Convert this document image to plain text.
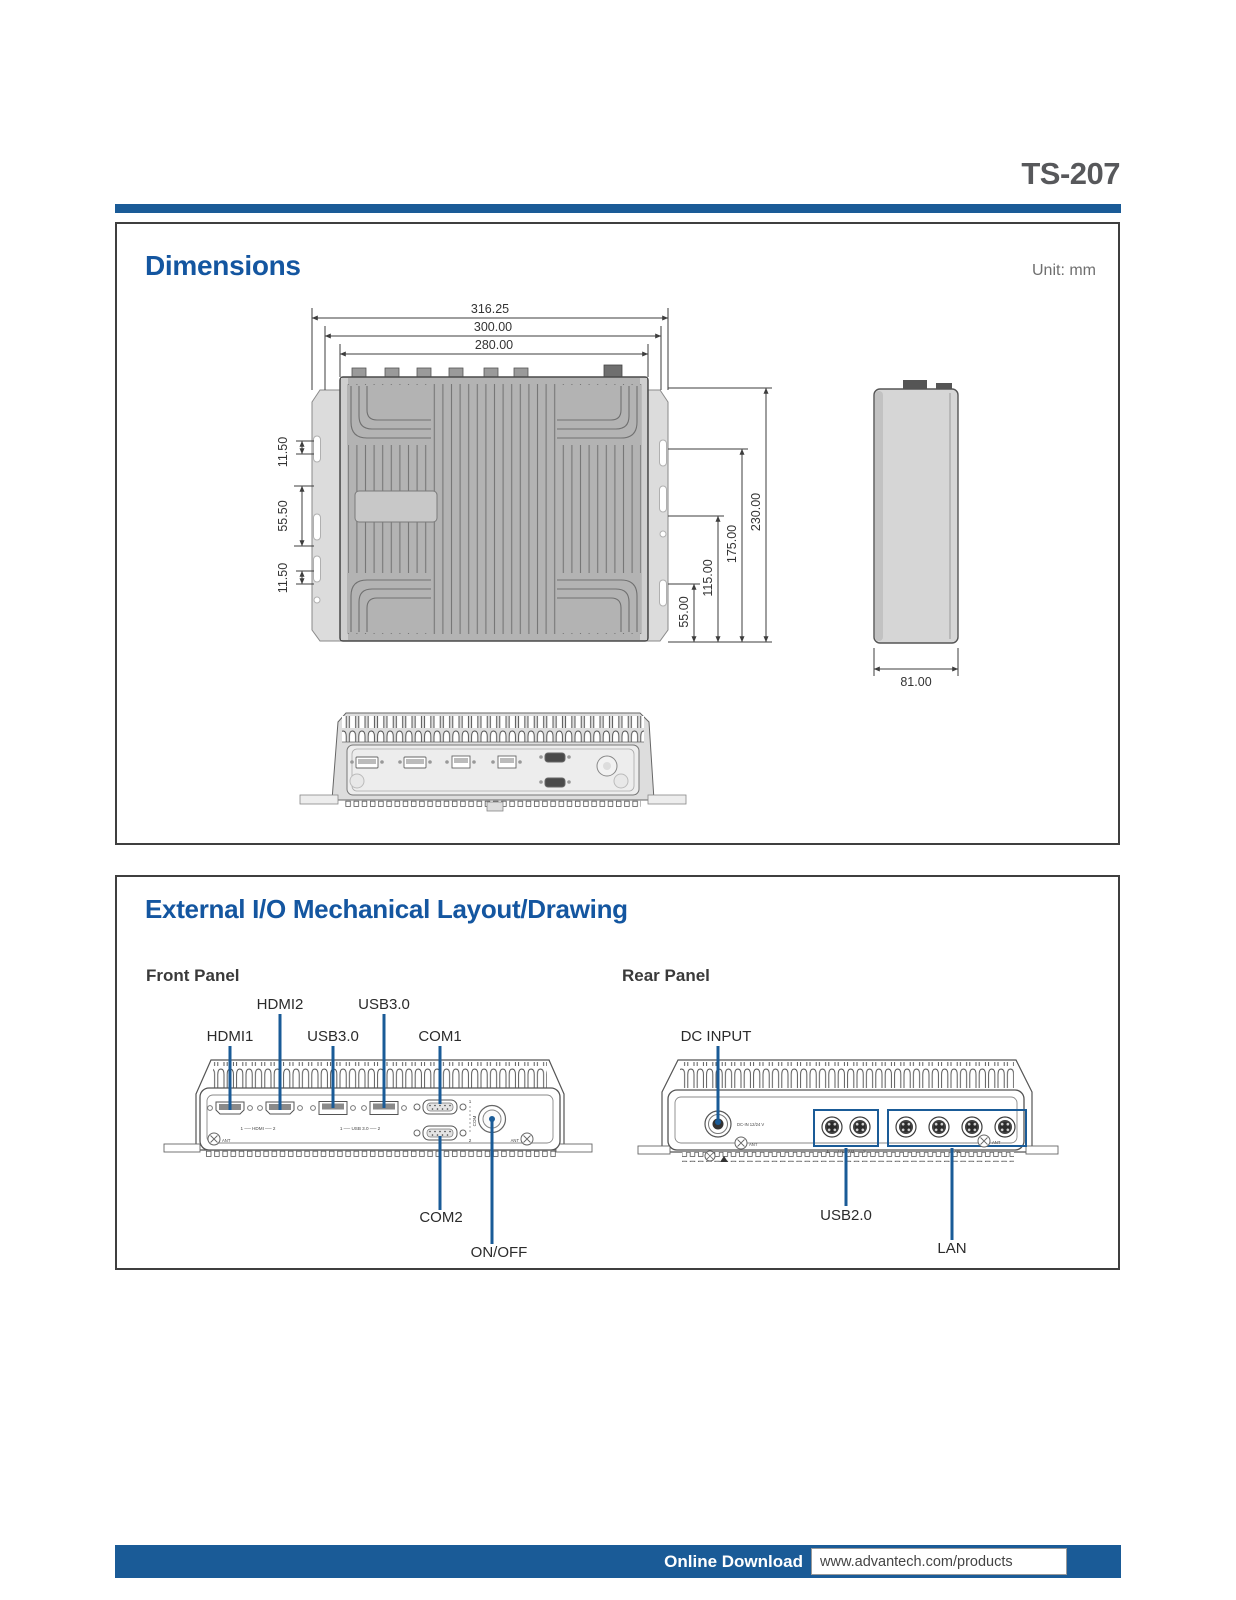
TS-207
Dimensions	Unit: mm
316.25
300.00
280.00
11.50
55.50
11.50
55.00
115.00
175.00
230.00
81.00
External I/O Mechanical Layout/Drawing
Front Panel	Rear Panel
ANT	ANT
1 ── HDMI ── 2	1 ── USB 3.0 ── 2
1
COM
2
HDMI1
HDMI2
USB3.0
USB3.0
COM1
COM2
ON/OFF
DC-IN 12/24 V
ANT
1 ── USB2.0 ── 2	LAN
ANT
DC INPUT
USB2.0
LAN
Online Download www.advantech.com/products
